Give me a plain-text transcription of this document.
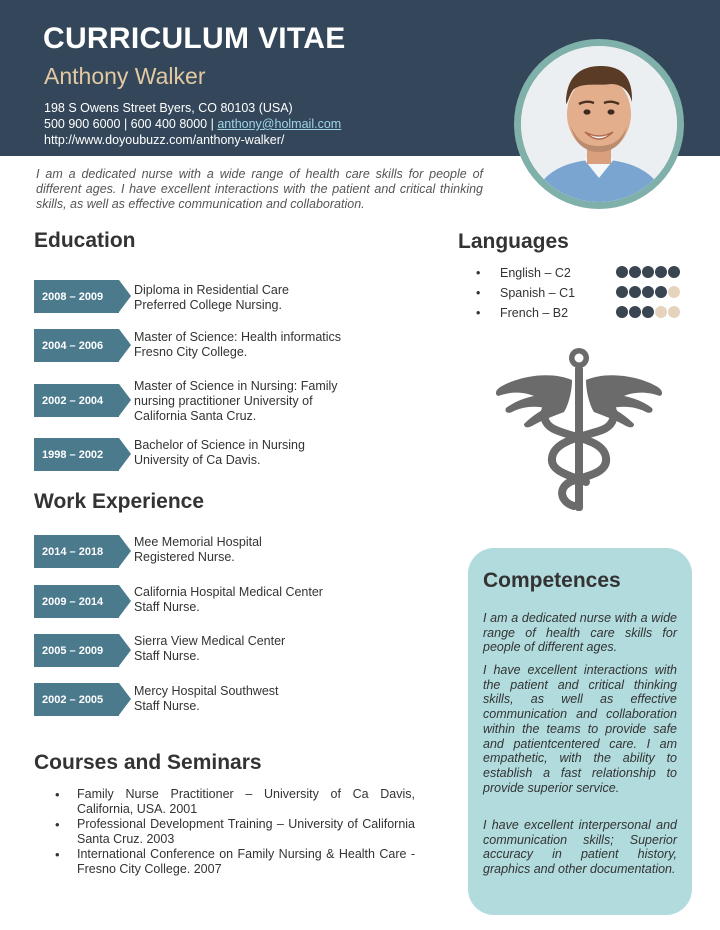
CURRICULUM VITAE
Anthony Walker
198 S Owens Street Byers, CO 80103 (USA)
500 900 6000 | 600 400 8000 | anthony@holmail.com
http://www.doyoubuzz.com/anthony-walker/

I am a dedicated nurse with a wide range of health care skills for people of different ages. I have excellent interactions with the patient and critical thinking skills, as well as effective communication and collaboration.

Education
2008 – 2009	Diploma in Residential Care
Preferred College Nursing.
2004 – 2006
Master of Science: Health informatics
Fresno City College.
2002 – 2004
Master of Science in Nursing: Family
nursing practitioner University of
California Santa Cruz.
1998 – 2002
Bachelor of Science in Nursing
University of Ca Davis.
Work Experience
2014 – 2018
Mee Memorial Hospital
Registered Nurse.
2009 – 2014
California Hospital Medical Center
Staff Nurse.
2005 – 2009
Sierra View Medical Center
Staff Nurse.
2002 – 2005
Mercy Hospital Southwest
Staff Nurse.
Courses and Seminars
• Family Nurse Practitioner – University of Ca Davis, California, USA. 2001
• Professional Development Training – University of California Santa Cruz. 2003
• International Conference on Family Nursing & Health Care - Fresno City College. 2007
Languages
• English – C2
• Spanish – C1
• French – B2
Competences

I am a dedicated nurse with a wide range of health care skills for people of different ages.

I have excellent interactions with the patient and critical thinking skills, as well as effective communication and collaboration within the teams to provide safe and patientcentered care. I am empathetic, with the ability to establish a fast relationship to provide superior service.

I have excellent interpersonal and communication skills; Superior accuracy in patient history, graphics and other documentation.
